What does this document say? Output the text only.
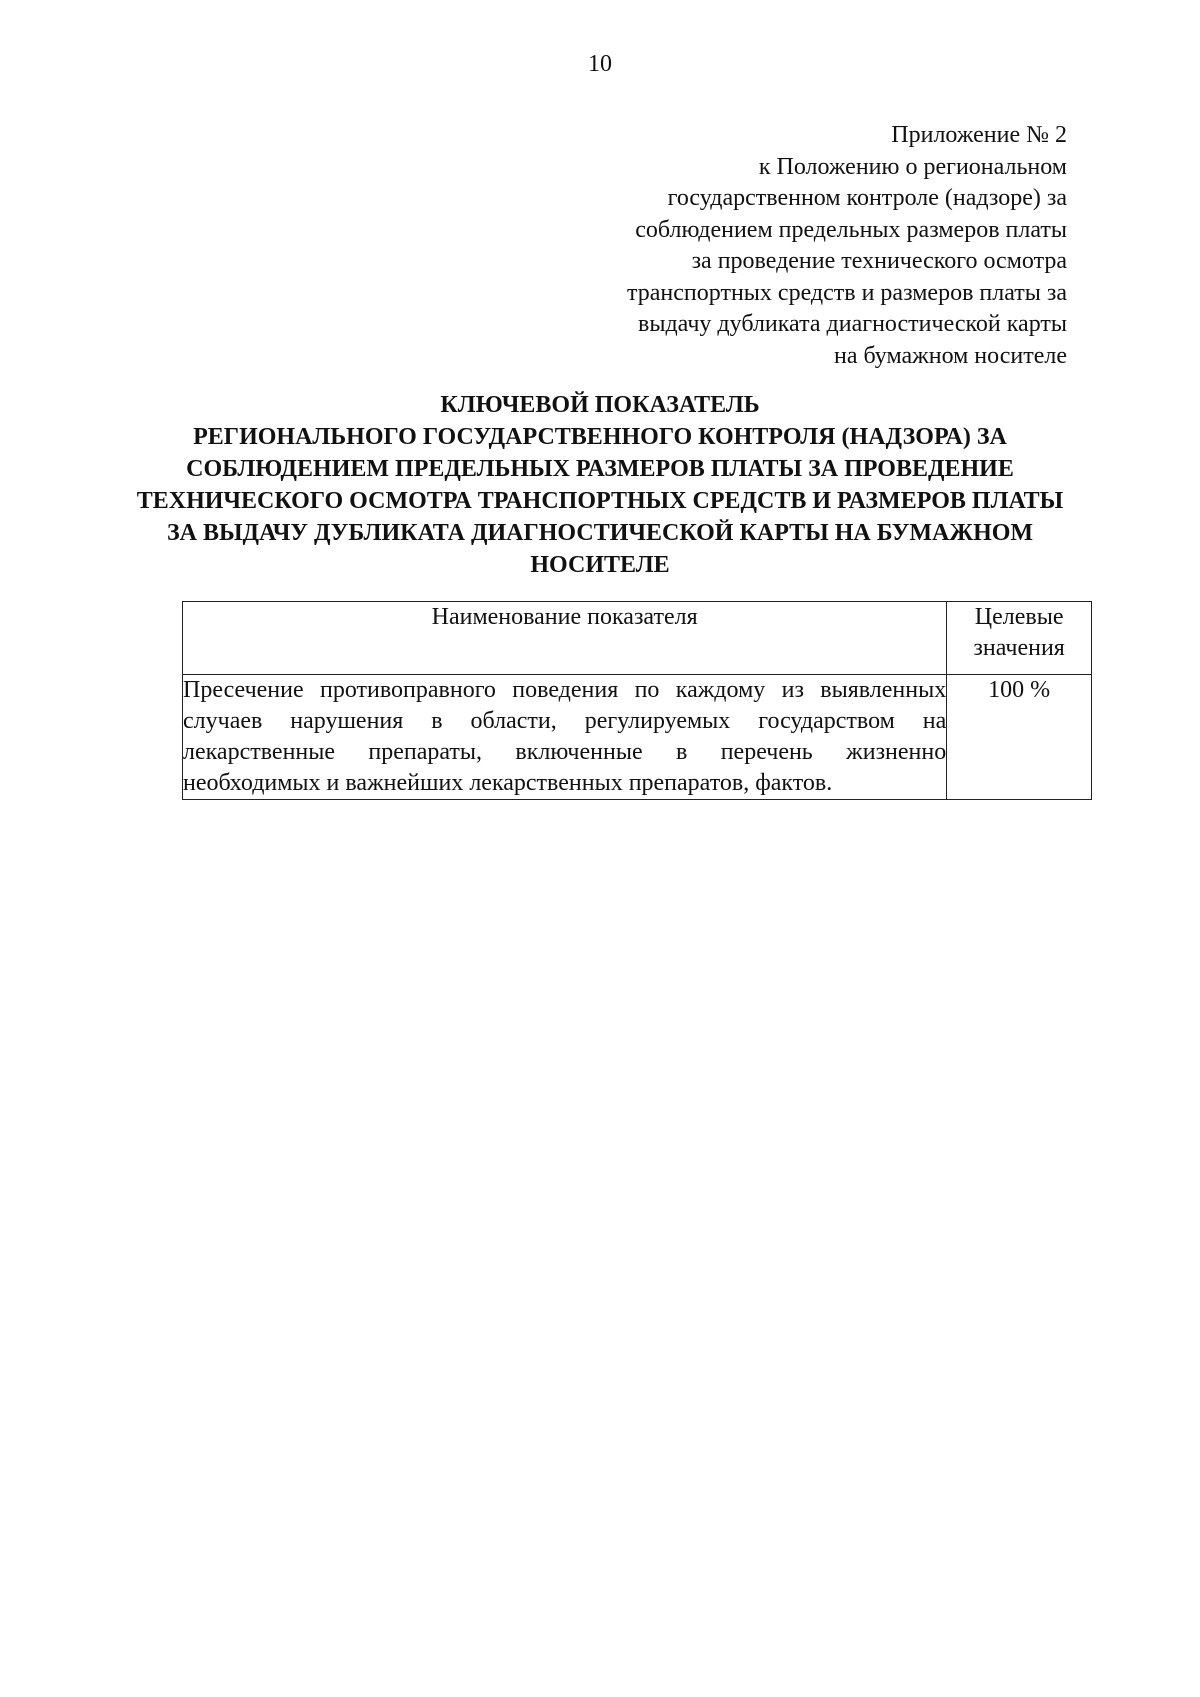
10
Приложение № 2
к Положению о региональном
государственном контроле (надзоре) за
соблюдением предельных размеров платы
за проведение технического осмотра
транспортных средств и размеров платы за
выдачу дубликата диагностической карты
на бумажном носителе
КЛЮЧЕВОЙ ПОКАЗАТЕЛЬ
РЕГИОНАЛЬНОГО ГОСУДАРСТВЕННОГО КОНТРОЛЯ (НАДЗОРА) ЗА
СОБЛЮДЕНИЕМ ПРЕДЕЛЬНЫХ РАЗМЕРОВ ПЛАТЫ ЗА ПРОВЕДЕНИЕ
ТЕХНИЧЕСКОГО ОСМОТРА ТРАНСПОРТНЫХ СРЕДСТВ И РАЗМЕРОВ ПЛАТЫ
ЗА ВЫДАЧУ ДУБЛИКАТА ДИАГНОСТИЧЕСКОЙ КАРТЫ НА БУМАЖНОМ
НОСИТЕЛЕ
Наименование показателя	Целевые
значения

Пресечение противоправного поведения по каждому из выявленных случаев нарушения в области, регулируемых государством на лекарственные препараты, включенные в перечень жизненно необходимых и важнейших лекарственных препаратов, фактов.	100 %
